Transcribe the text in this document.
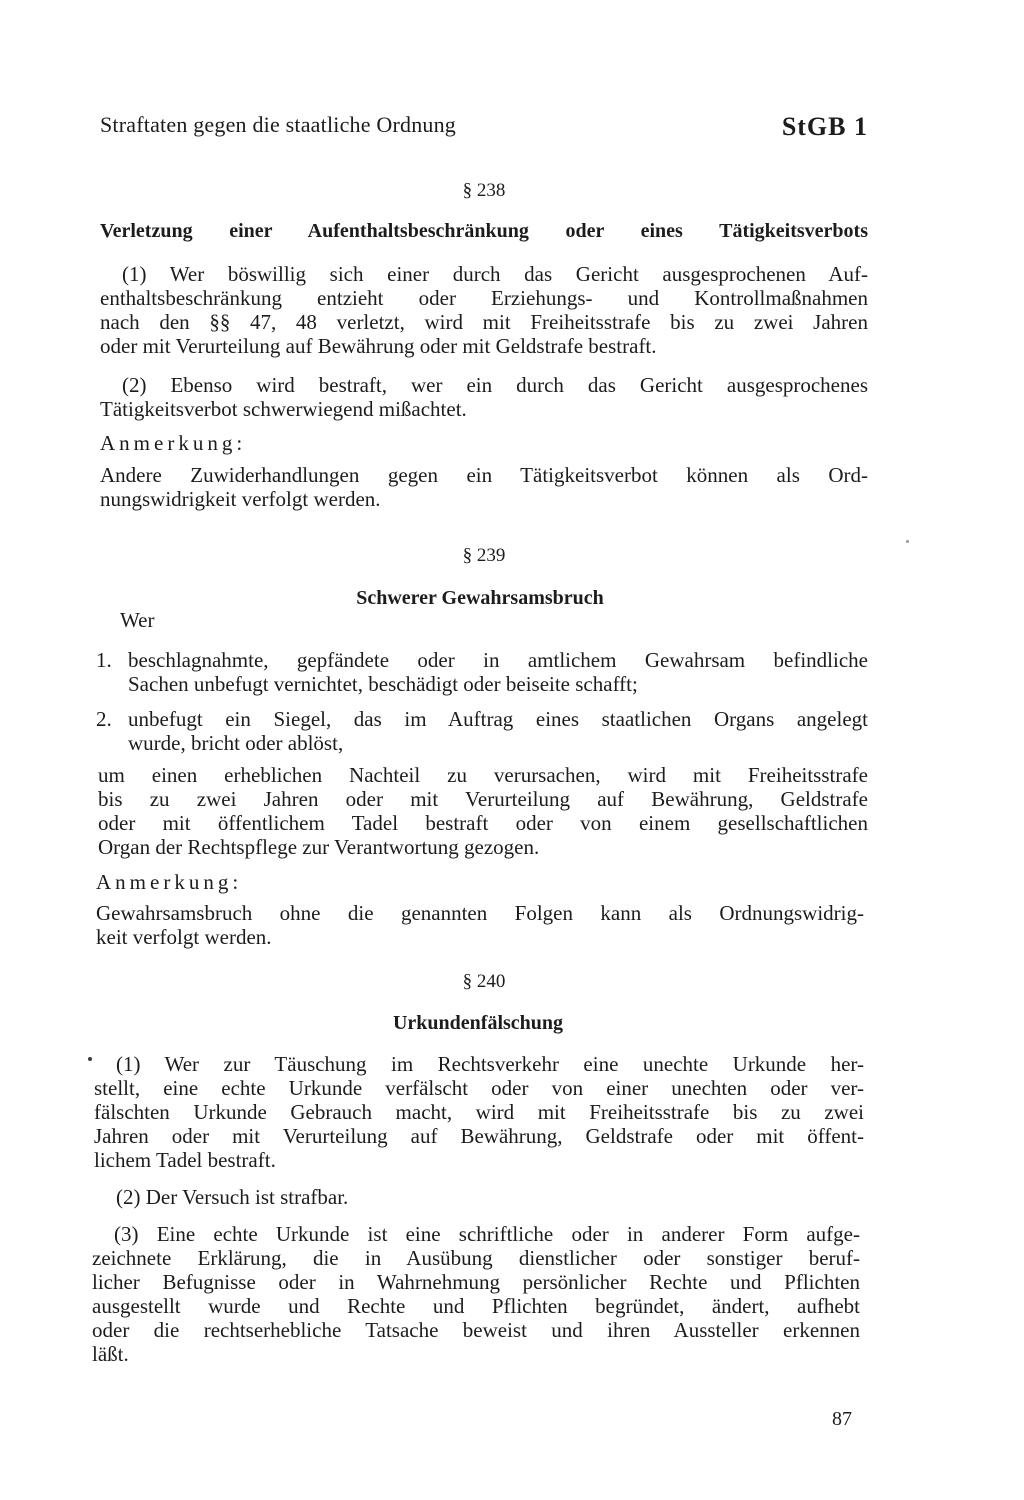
Straftaten gegen die staatliche Ordnung	StGB 1
§ 238
Verletzung einer Aufenthaltsbeschränkung oder eines Tätigkeitsverbots
(1) Wer böswillig sich einer durch das Gericht ausgesprochenen Auf-
enthaltsbeschränkung entzieht oder Erziehungs- und Kontrollmaßnahmen
nach den §§ 47, 48 verletzt, wird mit Freiheitsstrafe bis zu zwei Jahren
oder mit Verurteilung auf Bewährung oder mit Geldstrafe bestraft.
(2) Ebenso wird bestraft, wer ein durch das Gericht ausgesprochenes
Tätigkeitsverbot schwerwiegend mißachtet.
Anmerkung:
Andere Zuwiderhandlungen gegen ein Tätigkeitsverbot können als Ord-
nungswidrigkeit verfolgt werden.
§ 239
Schwerer Gewahrsamsbruch
Wer
1. beschlagnahmte, gepfändete oder in amtlichem Gewahrsam befindliche
Sachen unbefugt vernichtet, beschädigt oder beiseite schafft;
2. unbefugt ein Siegel, das im Auftrag eines staatlichen Organs angelegt
wurde, bricht oder ablöst,
um einen erheblichen Nachteil zu verursachen, wird mit Freiheitsstrafe
bis zu zwei Jahren oder mit Verurteilung auf Bewährung, Geldstrafe
oder mit öffentlichem Tadel bestraft oder von einem gesellschaftlichen
Organ der Rechtspflege zur Verantwortung gezogen.
Anmerkung:
Gewahrsamsbruch ohne die genannten Folgen kann als Ordnungswidrig-
keit verfolgt werden.
§ 240
Urkundenfälschung
(1) Wer zur Täuschung im Rechtsverkehr eine unechte Urkunde her-
stellt, eine echte Urkunde verfälscht oder von einer unechten oder ver-
fälschten Urkunde Gebrauch macht, wird mit Freiheitsstrafe bis zu zwei
Jahren oder mit Verurteilung auf Bewährung, Geldstrafe oder mit öffent-
lichem Tadel bestraft.
(2) Der Versuch ist strafbar.
(3) Eine echte Urkunde ist eine schriftliche oder in anderer Form aufge-
zeichnete Erklärung, die in Ausübung dienstlicher oder sonstiger beruf-
licher Befugnisse oder in Wahrnehmung persönlicher Rechte und Pflichten
ausgestellt wurde und Rechte und Pflichten begründet, ändert, aufhebt
oder die rechtserhebliche Tatsache beweist und ihren Aussteller erkennen
läßt.
87
